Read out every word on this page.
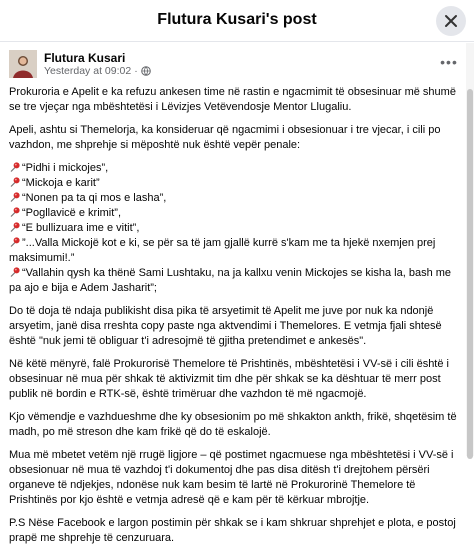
Flutura Kusari's post
Flutura Kusari
Yesterday at 09:02 ·
•••

Prokuroria e Apelit e ka refuzu ankesen time në rastin e ngacmimit të obsesinuar më shumë se tre vjeçar nga mbështetësi i Lëvizjes Vetëvendosje Mentor Llugaliu.

Apeli, ashtu si Themelorja, ka konsideruar që ngacmimi i obsesionuar i tre vjecar, i cili po vazhdon, me shprehje si mëposhtë nuk është vepër penale:

“Pidhi i mickojes”,
“Mickoja e karit”
“Nonen pa ta qi mos e lasha”,
“Pogllavicë e krimit”,
“E bullizuara ime e vitit”,
”...Valla Mickojë kot e ki, se për sa të jam gjallë kurrë s'kam me ta hjekë nxemjen prej maksimumi!.”
“Vallahin qysh ka thënë Sami Lushtaku, na ja kallxu venin Mickojes se kisha la, bash me pa ajo e bija e Adem Jasharit”;

Do të doja të ndaja publikisht disa pika të arsyetimit të Apelit me juve por nuk ka ndonjë arsyetim, janë disa rreshta copy paste nga aktvendimi i Themelores. E vetmja fjali shtesë është "nuk jemi të obliguar t'i adresojmë të gjitha pretendimet e ankesës".

Në këtë mënyrë, falë Prokurorisë Themelore të Prishtinës, mbështetësi i VV-së i cili është i obsesinuar në mua për shkak të aktivizmit tim dhe për shkak se ka dështuar të merr post publik në bordin e RTK-së, është trimëruar dhe vazhdon të më ngacmojë.

Kjo vëmendje e vazhdueshme dhe ky obsesionim po më shkakton ankth, frikë, shqetësim të madh, po më streson dhe kam frikë që do të eskalojë.

Mua më mbetet vetëm një rrugë ligjore – që postimet ngacmuese nga mbështetësi i VV-së i obsesionuar në mua të vazhdoj t'i dokumentoj dhe pas disa ditësh t'i drejtohem përsëri organeve të ndjekjes, ndonëse nuk kam besim të lartë në Prokurorinë Themelore të Prishtinës por kjo është e vetmja adresë që e kam për të kërkuar mbrojtje.

P.S Nëse Facebook e largon postimin për shkak se i kam shkruar shprehjet e plota, e postoj prapë me shprehje të cenzuruara.
